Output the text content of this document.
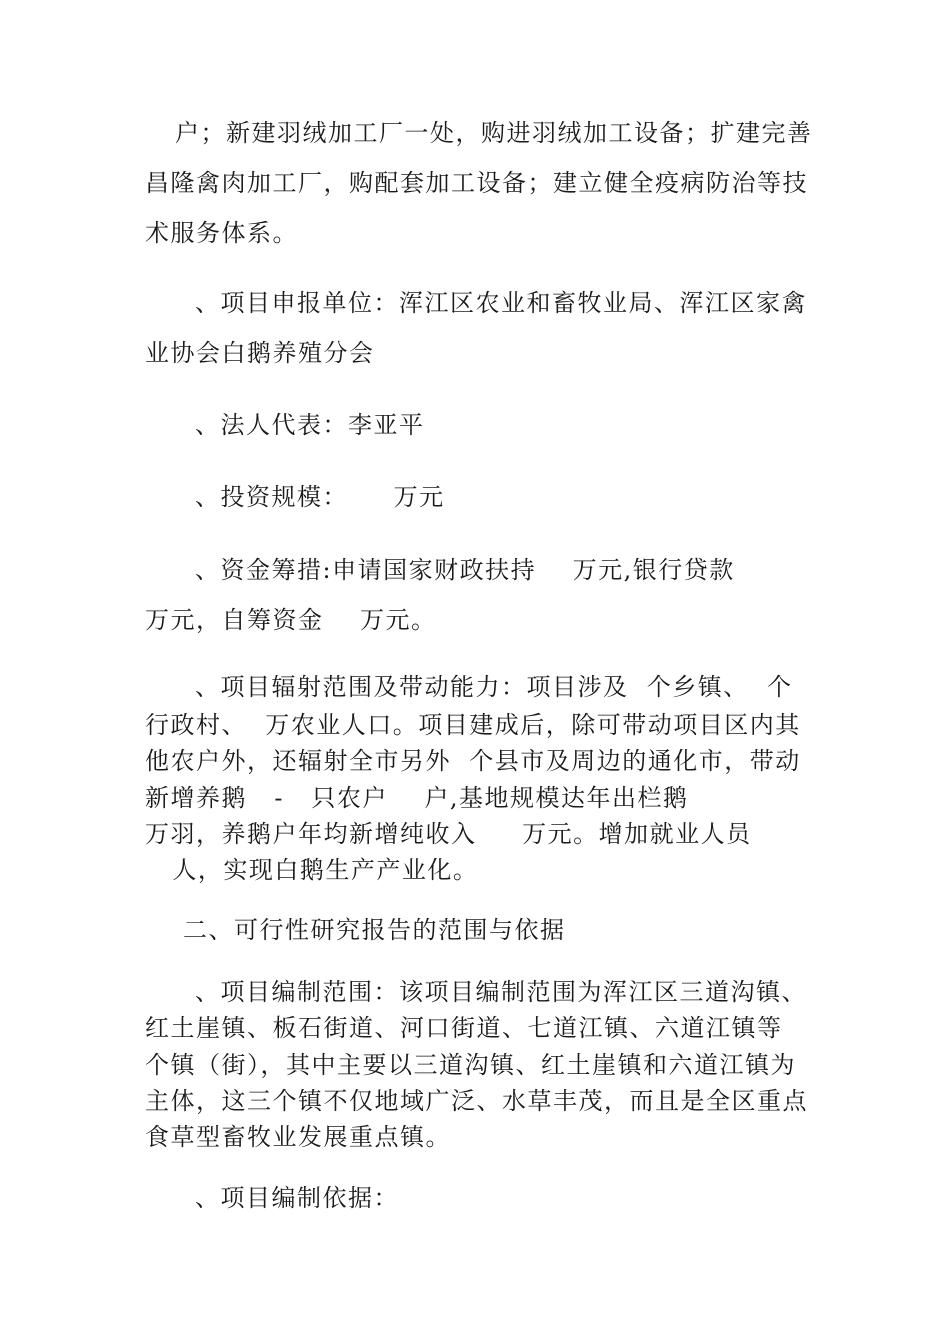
户；新建羽绒加工厂一处，购进羽绒加工设备；扩建完善
昌隆禽肉加工厂，购配套加工设备；建立健全疫病防治等技
术服务体系。
、项目申报单位：浑江区农业和畜牧业局、浑江区家禽
业协会白鹅养殖分会
、法人代表：李亚平
、投资规模：     万元
、资金筹措:申请国家财政扶持    万元,银行贷款
万元，自筹资金    万元。
、项目辐射范围及带动能力：项目涉及  个乡镇、  个
行政村、  万农业人口。项目建成后，除可带动项目区内其
他农户外，还辐射全市另外  个县市及周边的通化市，带动
新增养鹅   -   只农户    户,基地规模达年出栏鹅
万羽，养鹅户年均新增纯收入     万元。增加就业人员
人，实现白鹅生产产业化。
二、可行性研究报告的范围与依据
、项目编制范围：该项目编制范围为浑江区三道沟镇、
红土崖镇、板石街道、河口街道、七道江镇、六道江镇等
个镇（街），其中主要以三道沟镇、红土崖镇和六道江镇为
主体，这三个镇不仅地域广泛、水草丰茂，而且是全区重点
食草型畜牧业发展重点镇。
、项目编制依据：
